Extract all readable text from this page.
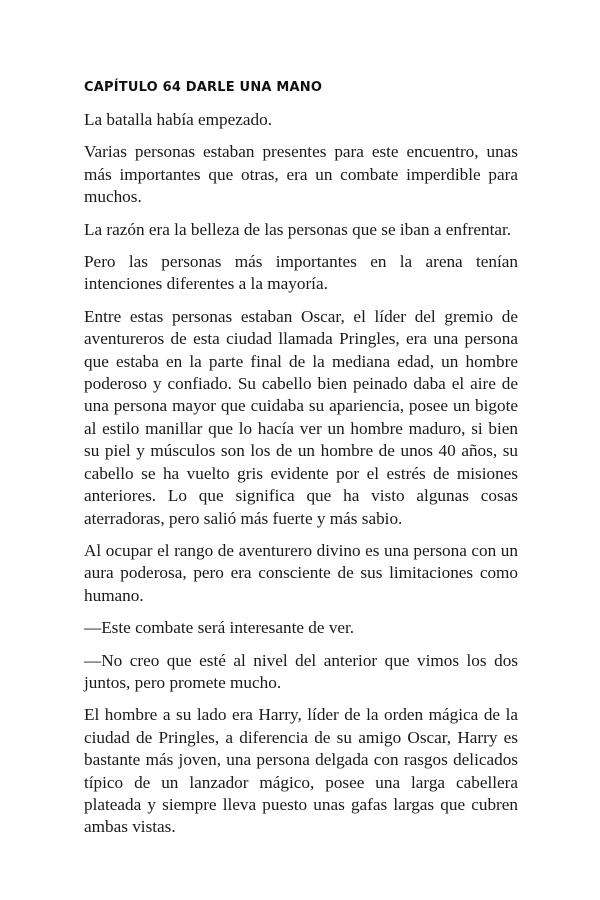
CAPÍTULO 64 DARLE UNA MANO

La batalla había empezado.

Varias personas estaban presentes para este encuentro, unas más importantes que otras, era un combate imperdible para muchos.

La razón era la belleza de las personas que se iban a enfrentar.

Pero las personas más importantes en la arena tenían intenciones diferentes a la mayoría.

Entre estas personas estaban Oscar, el líder del gremio de aventureros de esta ciudad llamada Pringles, era una persona que estaba en la parte final de la mediana edad, un hombre poderoso y confiado. Su cabello bien peinado daba el aire de una persona mayor que cuidaba su apariencia, posee un bigote al estilo manillar que lo hacía ver un hombre maduro, si bien su piel y músculos son los de un hombre de unos 40 años, su cabello se ha vuelto gris evidente por el estrés de misiones anteriores. Lo que significa que ha visto algunas cosas aterradoras, pero salió más fuerte y más sabio.

Al ocupar el rango de aventurero divino es una persona con un aura poderosa, pero era consciente de sus limitaciones como humano.

—Este combate será interesante de ver.

—No creo que esté al nivel del anterior que vimos los dos juntos, pero promete mucho.

El hombre a su lado era Harry, líder de la orden mágica de la ciudad de Pringles, a diferencia de su amigo Oscar, Harry es bastante más joven, una persona delgada con rasgos delicados típico de un lanzador mágico, posee una larga cabellera plateada y siempre lleva puesto unas gafas largas que cubren ambas vistas.
